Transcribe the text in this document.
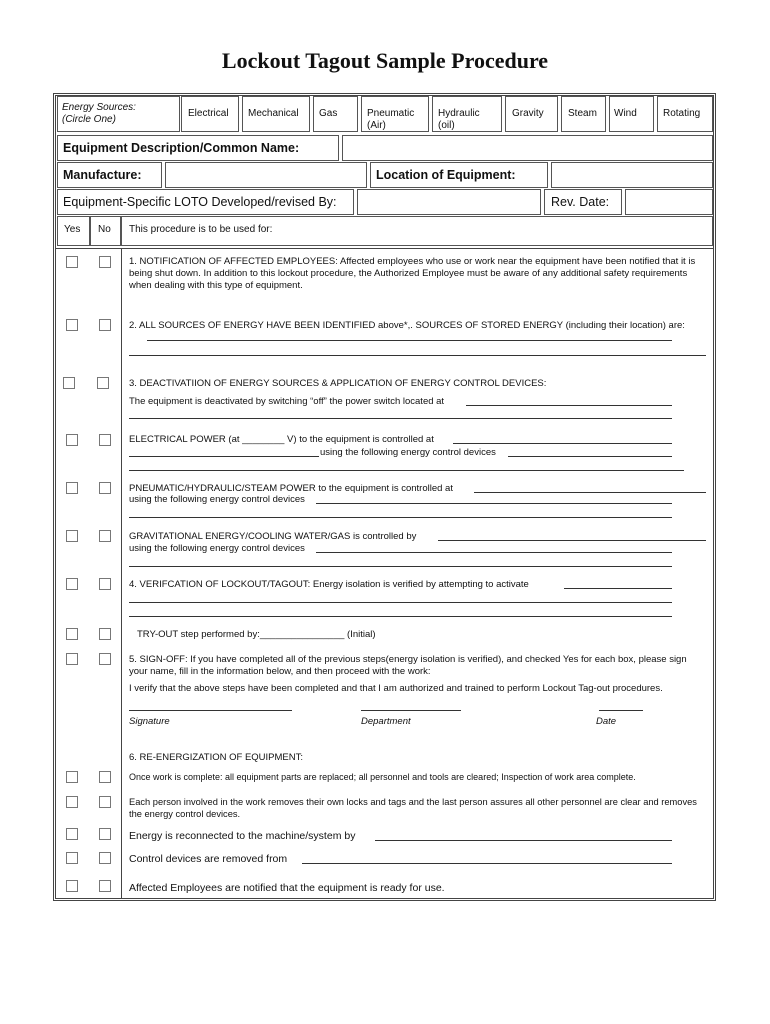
Lockout Tagout Sample Procedure
Energy Sources:
(Circle One)
Electrical Mechanical Gas	Pneumatic
(Air)
Hydraulic
(oil)
Gravity Steam Wind	Rotating
Equipment Description/Common Name:
Manufacture:	Location of Equipment:
Equipment-Specific LOTO Developed/revised By:	Rev. Date:
Yes No This procedure is to be used for:
1. NOTIFICATION OF AFFECTED EMPLOYEES: Affected employees who use or work near the equipment have been notified that it is being shut down. In addition to this lockout procedure, the Authorized Employee must be aware of any additional safety requirements when dealing with this type of equipment.
2. ALL SOURCES OF ENERGY HAVE BEEN IDENTIFIED above*,. SOURCES OF STORED ENERGY (including their location) are:
3. DEACTIVATIION OF ENERGY SOURCES & APPLICATION OF ENERGY CONTROL DEVICES:
The equipment is deactivated by switching “off” the power switch located at
ELECTRICAL POWER (at ________ V) to the equipment is controlled at
using the following energy control devices
PNEUMATIC/HYDRAULIC/STEAM POWER to the equipment is controlled at
using the following energy control devices
GRAVITATIONAL ENERGY/COOLING WATER/GAS is controlled by
using the following energy control devices
4. VERIFCATION OF LOCKOUT/TAGOUT: Energy isolation is verified by attempting to activate
TRY-OUT step performed by:________________ (Initial)
5. SIGN-OFF: If you have completed all of the previous steps(energy isolation is verified), and checked Yes for each box, please sign your name, fill in the information below, and then proceed with the work:
I verify that the above steps have been completed and that I am authorized and trained to perform Lockout Tag-out procedures.
Signature	Department	Date
6. RE-ENERGIZATION OF EQUIPMENT:
Once work is complete: all equipment parts are replaced; all personnel and tools are cleared; Inspection of work area complete.
Each person involved in the work removes their own locks and tags and the last person assures all other personnel are clear and removes the energy control devices.
Energy is reconnected to the machine/system by
Control devices are removed from
Affected Employees are notified that the equipment is ready for use.
